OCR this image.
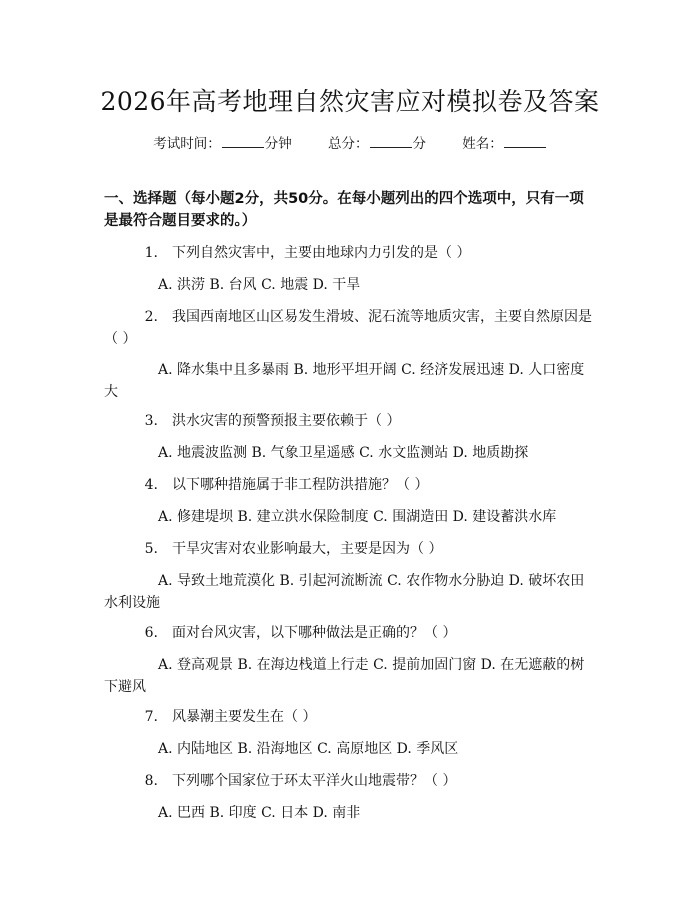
2026年高考地理自然灾害应对模拟卷及答案
考试时间：	分钟	总分：	分	姓名：
一、选择题（每小题2分，共50分。在每小题列出的四个选项中，只有一项是最符合题目要求的。）
1. 下列自然灾害中，主要由地球内力引发的是（ ）
A. 洪涝 B. 台风 C. 地震 D. 干旱
2. 我国西南地区山区易发生滑坡、泥石流等地质灾害，主要自然原因是（ ）
A. 降水集中且多暴雨 B. 地形平坦开阔 C. 经济发展迅速 D. 人口密度大
3. 洪水灾害的预警预报主要依赖于（ ）
A. 地震波监测 B. 气象卫星遥感 C. 水文监测站 D. 地质勘探
4. 以下哪种措施属于非工程防洪措施？（ ）
A. 修建堤坝 B. 建立洪水保险制度 C. 围湖造田 D. 建设蓄洪水库
5. 干旱灾害对农业影响最大，主要是因为（ ）
A. 导致土地荒漠化 B. 引起河流断流 C. 农作物水分胁迫 D. 破坏农田水利设施
6. 面对台风灾害，以下哪种做法是正确的？（ ）
A. 登高观景 B. 在海边栈道上行走 C. 提前加固门窗 D. 在无遮蔽的树下避风
7. 风暴潮主要发生在（ ）
A. 内陆地区 B. 沿海地区 C. 高原地区 D. 季风区
8. 下列哪个国家位于环太平洋火山地震带？（ ）
A. 巴西 B. 印度 C. 日本 D. 南非
